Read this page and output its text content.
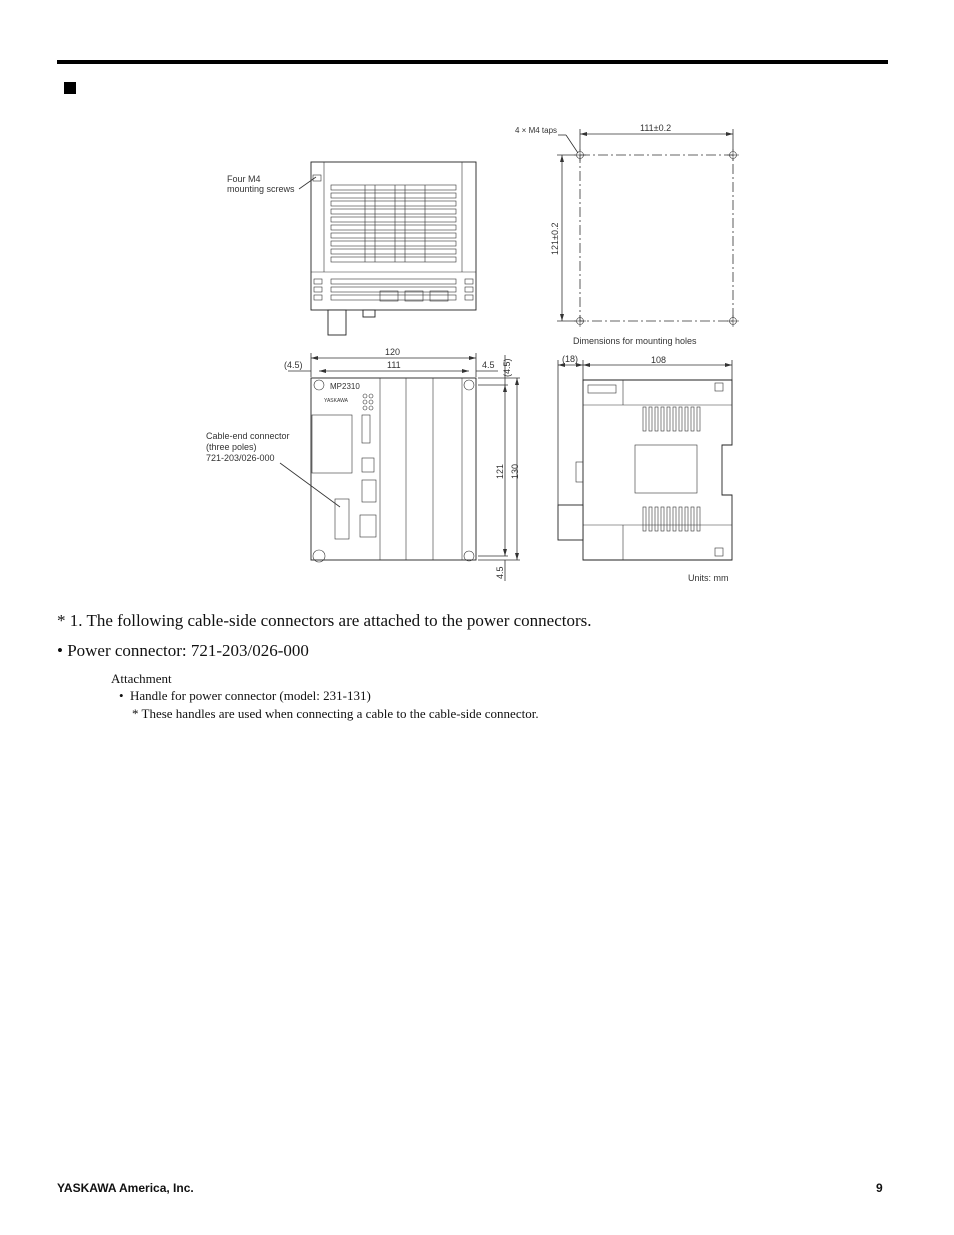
Four M4
mounting screws
4 × M4 taps	111±0.2
121±0.2
Dimensions for mounting holes
MP2310
YASKAWA
Cable-end connector
(three poles)
721-203/026-000
120
111
(4.5)	4.5 (4.5)
121 130
4.5
(18)	108
Units: mm
* 1. The following cable-side connectors are attached to the power connectors.
• Power connector: 721-203/026-000
Attachment
• Handle for power connector (model: 231-131)
* These handles are used when connecting a cable to the cable-side connector.
YASKAWA America, Inc.	9
